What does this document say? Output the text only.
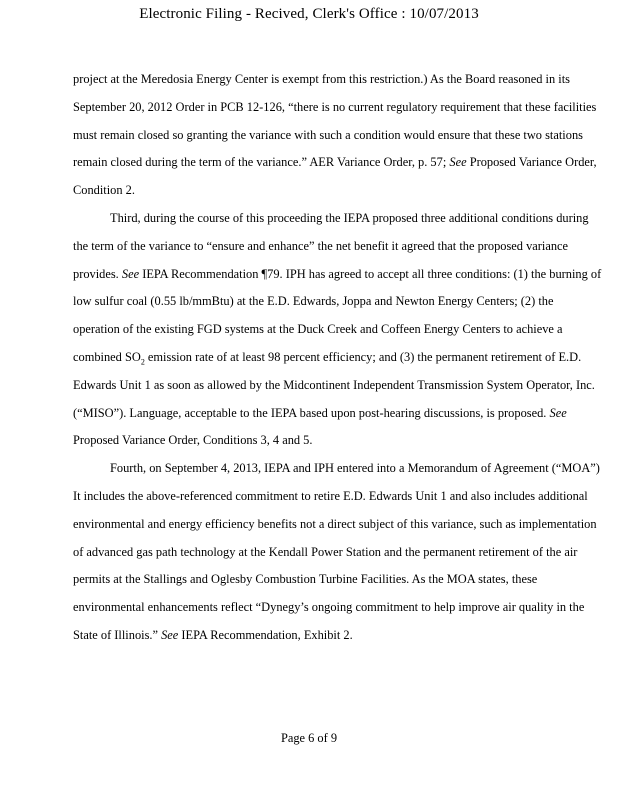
Electronic Filing - Recived, Clerk's Office : 10/07/2013

project at the Meredosia Energy Center is exempt from this restriction.) As the Board reasoned in its September 20, 2012 Order in PCB 12-126, “there is no current regulatory requirement that these facilities must remain closed so granting the variance with such a condition would ensure that these two stations remain closed during the term of the variance.” AER Variance Order, p. 57; See Proposed Variance Order, Condition 2.

Third, during the course of this proceeding the IEPA proposed three additional conditions during the term of the variance to “ensure and enhance” the net benefit it agreed that the proposed variance provides. See IEPA Recommendation ¶79. IPH has agreed to accept all three conditions: (1) the burning of low sulfur coal (0.55 lb/mmBtu) at the E.D. Edwards, Joppa and Newton Energy Centers; (2) the operation of the existing FGD systems at the Duck Creek and Coffeen Energy Centers to achieve a combined $SO_2$ emission rate of at least 98 percent efficiency; and (3) the permanent retirement of E.D. Edwards Unit 1 as soon as allowed by the Midcontinent Independent Transmission System Operator, Inc. (“MISO”). Language, acceptable to the IEPA based upon post-hearing discussions, is proposed. See Proposed Variance Order, Conditions 3, 4 and 5.

Fourth, on September 4, 2013, IEPA and IPH entered into a Memorandum of Agreement (“MOA”) It includes the above-referenced commitment to retire E.D. Edwards Unit 1 and also includes additional environmental and energy efficiency benefits not a direct subject of this variance, such as implementation of advanced gas path technology at the Kendall Power Station and the permanent retirement of the air permits at the Stallings and Oglesby Combustion Turbine Facilities. As the MOA states, these environmental enhancements reflect “Dynegy’s ongoing commitment to help improve air quality in the State of Illinois.” See IEPA Recommendation, Exhibit 2.

Page 6 of 9
